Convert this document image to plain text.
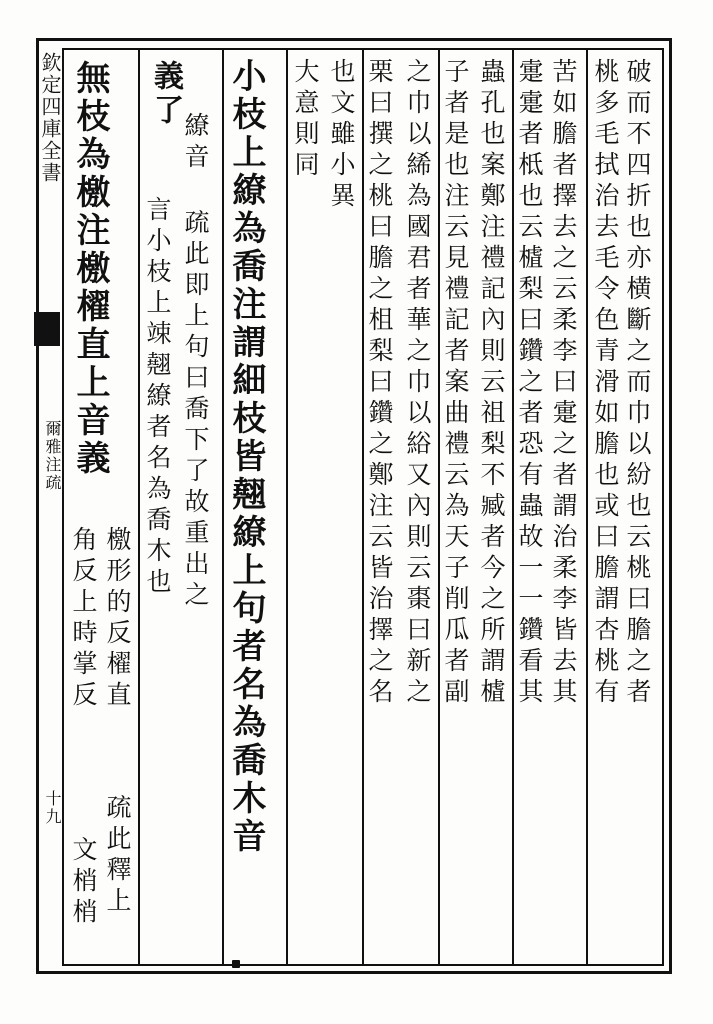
欽定四庫全書
爾雅注疏
十九
破而不四折也亦横斷之而巾以紛也云桃曰膽之者
桃多毛拭治去毛令色青滑如膽也或曰膽謂杏桃有
苦如膽者擇去之云柔李曰疐之者謂治柔李皆去其
疐疐者柢也云樝梨曰鑽之者恐有蟲故一一鑽看其
蟲孔也案鄭注禮記內則云祖梨不臧者今之所謂樝
子者是也注云見禮記者案曲禮云為天子削瓜者副
之巾以絺為國君者華之巾以綌又內則云棗曰新之
栗曰撰之桃曰膽之柤梨曰鑽之鄭注云皆治擇之名
也文雖小異
大意則同
小枝上繚為喬注謂細枝皆翹繚上句者名為喬木音
言小枝上竦翹繚者名為喬木也 繚音 疏此即上句曰喬下了故重出之
義了
無枝為檄注檄櫂直上音義
檄形的反櫂直
角反上時掌反
疏此釋上
文梢梢
